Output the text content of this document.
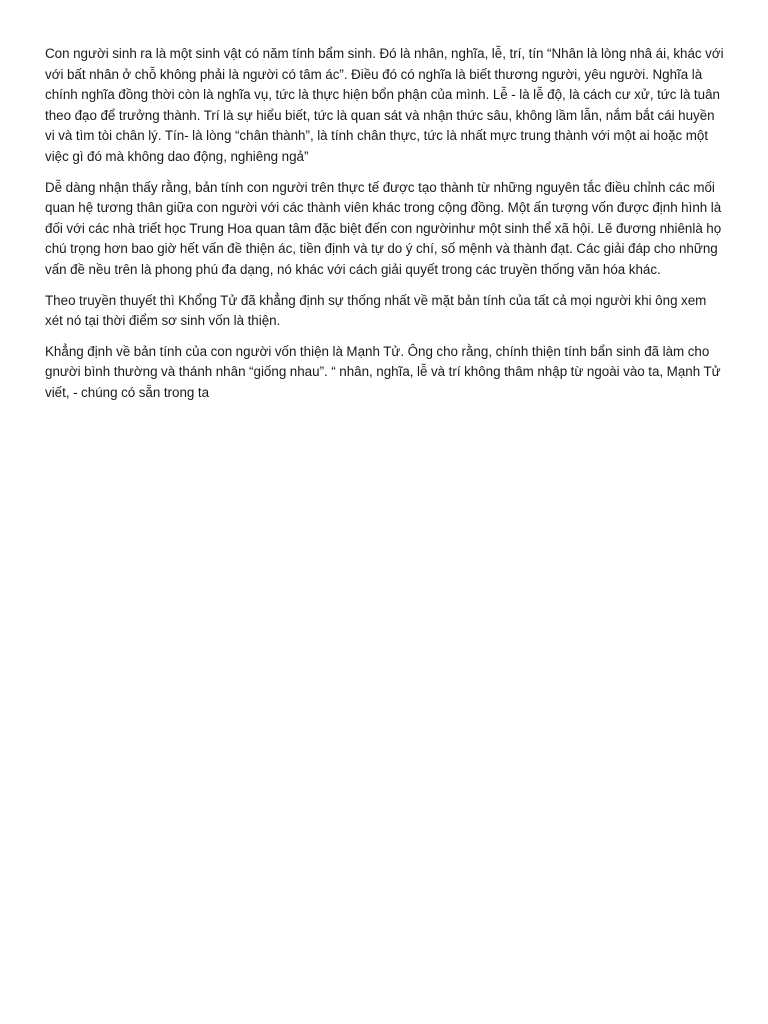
Con người sinh ra là một sinh vật có năm tính bẩm sinh. Đó là nhân, nghĩa, lễ, trí, tín “Nhân là lòng nhâ ái, khác với với bất nhân ở chỗ không phải là người có tâm ác”. Điều đó có nghĩa là biết thương người, yêu người. Nghĩa là chính nghĩa đồng thời còn là nghĩa vụ, tức là thực hiện bổn phận của mình. Lễ - là lễ độ, là cách cư xử, tức là tuân theo đạo để trưởng thành. Trí là sự hiểu biết, tức là quan sát và nhận thức sâu, không lầm lẫn, nắm bắt cái huyền vi và tìm tòi chân lý. Tín- là lòng “chân thành”, là tính chân thực, tức là nhất mực trung thành với một ai hoặc một việc gì đó mà không dao động, nghiêng ngả”

Dễ dàng nhận thấy rằng, bản tính con người trên thực tế được tạo thành từ những nguyên tắc điều chỉnh các mối quan hệ tương thân giữa con người với các thành viên khác trong cộng đồng. Một ấn tượng vốn được định hình là đối với các nhà triết học Trung Hoa quan tâm đặc biệt đến con ngườinhư một sinh thể xã hội. Lẽ đương nhiênlà họ chú trọng hơn bao giờ hết vấn đề thiện ác, tiền định và tự do ý chí, số mệnh và thành đạt. Các giải đáp cho những vấn đề nều trên là phong phú đa dạng, nó khác với cách giải quyết trong các truyền thống văn hóa khác.

Theo truyền thuyết thì Khổng Tử đã khẳng định sự thống nhất về mặt bản tính của tất cả mọi người khi ông xem xét nó tại thời điểm sơ sinh vốn là thiện.

Khẳng định về bản tính của con người vốn thiện là Mạnh Tử. Ông cho rằng, chính thiện tính bẩn sinh đã làm cho gnười bình thường và thánh nhân “giống nhau”. “ nhân, nghĩa, lễ và trí không thâm nhập từ ngoài vào ta, Mạnh Tử viết, - chúng có sẵn trong ta
